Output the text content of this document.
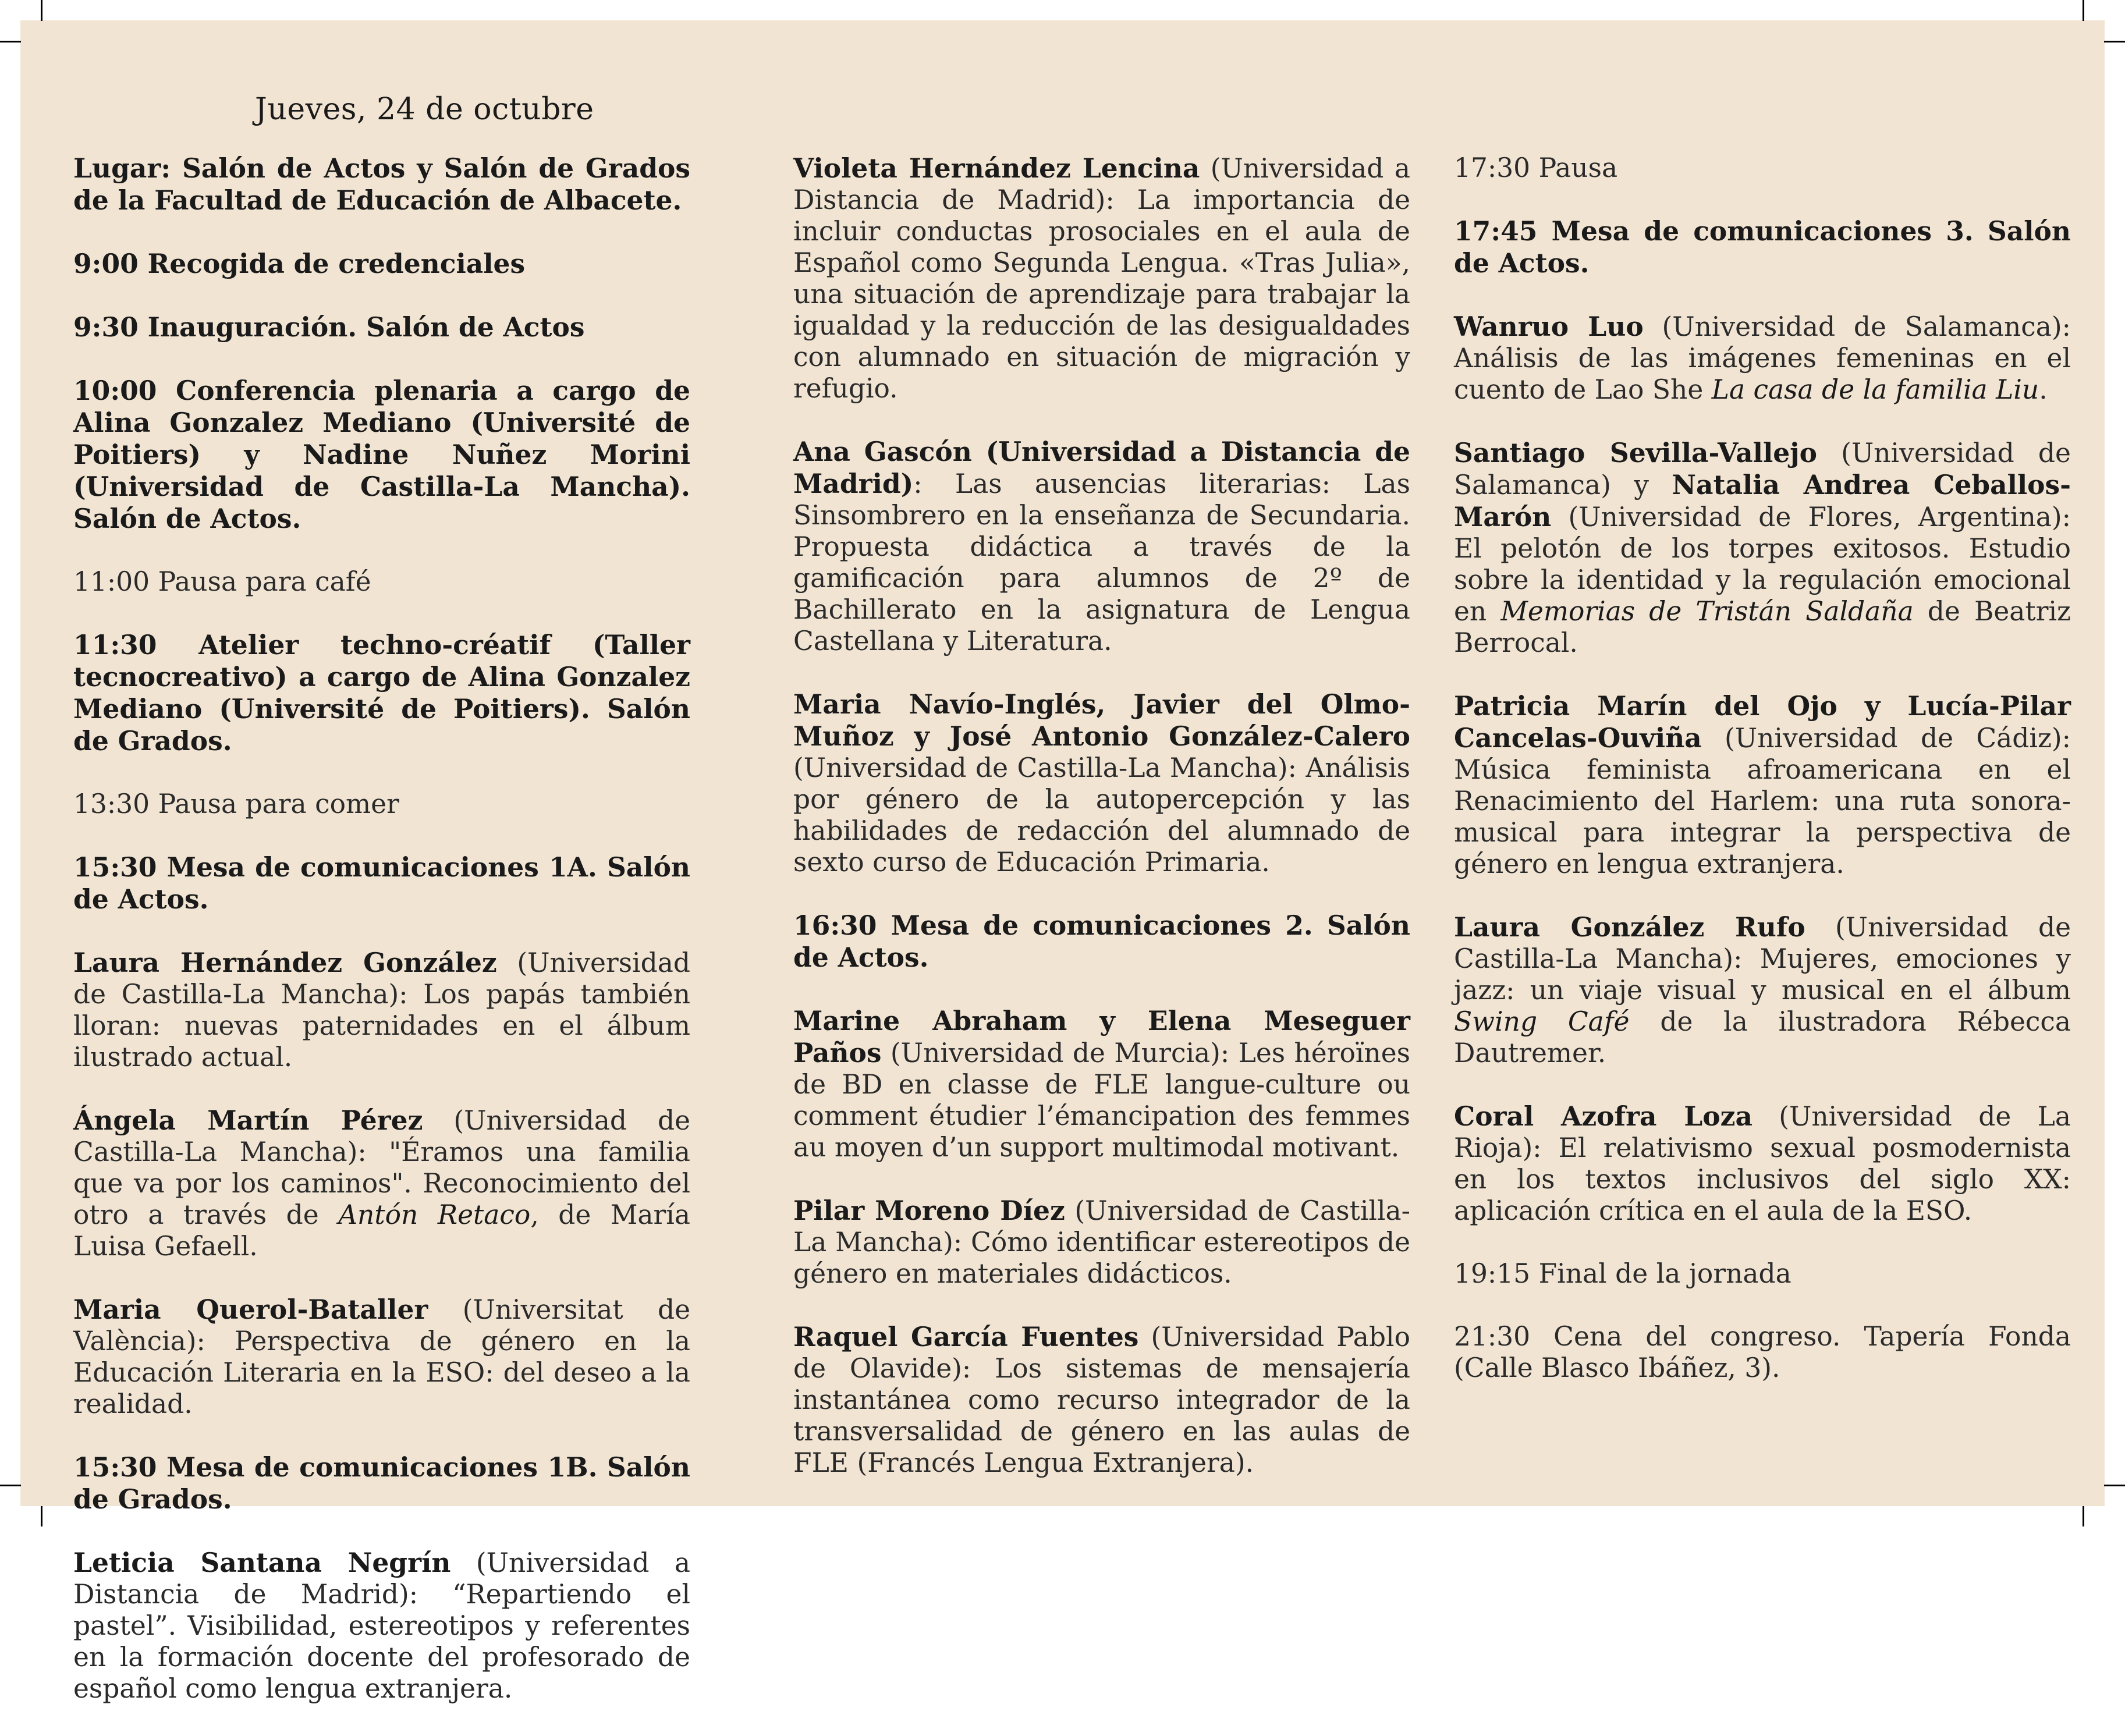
Jueves, 24 de octubre

Lugar: Salón de Actos y Salón de Grados de la Facultad de Educación de Albacete.

9:00 Recogida de credenciales

9:30 Inauguración. Salón de Actos

10:00 Conferencia plenaria a cargo de Alina Gonzalez Mediano (Université de Poitiers) y Nadine Nuñez Morini (Universidad de Castilla-La Mancha). Salón de Actos.

11:00 Pausa para café

11:30 Atelier techno-créatif (Taller tecnocreativo) a cargo de Alina Gonzalez Mediano (Université de Poitiers). Salón de Grados.

13:30 Pausa para comer

15:30 Mesa de comunicaciones 1A. Salón de Actos.

Laura Hernández González (Universidad de Castilla-La Mancha): Los papás también lloran: nuevas paternidades en el álbum ilustrado actual.

Ángela Martín Pérez (Universidad de Castilla-La Mancha): "Éramos una familia que va por los caminos". Reconocimiento del otro a través de Antón Retaco, de María Luisa Gefaell.

Maria Querol-Bataller (Universitat de València): Perspectiva de género en la Educación Literaria en la ESO: del deseo a la realidad.

15:30 Mesa de comunicaciones 1B. Salón de Grados.

Leticia Santana Negrín (Universidad a Distancia de Madrid): “Repartiendo el pastel”. Visibilidad, estereotipos y referentes en la formación docente del profesorado de español como lengua extranjera.

Violeta Hernández Lencina (Universidad a Distancia de Madrid): La importancia de incluir conductas prosociales en el aula de Español como Segunda Lengua. «Tras Julia», una situación de aprendizaje para trabajar la igualdad y la reducción de las desigualdades con alumnado en situación de migración y refugio.

Ana Gascón (Universidad a Distancia de Madrid): Las ausencias literarias: Las Sinsombrero en la enseñanza de Secundaria. Propuesta didáctica a través de la gamificación para alumnos de 2º de Bachillerato en la asignatura de Lengua Castellana y Literatura.

Maria Navío-Inglés, Javier del Olmo-Muñoz y José Antonio González-Calero (Universidad de Castilla-La Mancha): Análisis por género de la autopercepción y las habilidades de redacción del alumnado de sexto curso de Educación Primaria.

16:30 Mesa de comunicaciones 2. Salón de Actos.

Marine Abraham y Elena Meseguer Paños (Universidad de Murcia): Les héroïnes de BD en classe de FLE langue-culture ou comment étudier l’émancipation des femmes au moyen d’un support multimodal motivant.

Pilar Moreno Díez (Universidad de Castilla-La Mancha): Cómo identificar estereotipos de género en materiales didácticos.

Raquel García Fuentes (Universidad Pablo de Olavide): Los sistemas de mensajería instantánea como recurso integrador de la transversalidad de género en las aulas de FLE (Francés Lengua Extranjera).

17:30 Pausa

17:45 Mesa de comunicaciones 3. Salón de Actos.

Wanruo Luo (Universidad de Salamanca): Análisis de las imágenes femeninas en el cuento de Lao She La casa de la familia Liu.

Santiago Sevilla-Vallejo (Universidad de Salamanca) y Natalia Andrea Ceballos-Marón (Universidad de Flores, Argentina): El pelotón de los torpes exitosos. Estudio sobre la identidad y la regulación emocional en Memorias de Tristán Saldaña de Beatriz Berrocal.

Patricia Marín del Ojo y Lucía-Pilar Cancelas-Ouviña (Universidad de Cádiz): Música feminista afroamericana en el Renacimiento del Harlem: una ruta sonora-musical para integrar la perspectiva de género en lengua extranjera.

Laura González Rufo (Universidad de Castilla-La Mancha): Mujeres, emociones y jazz: un viaje visual y musical en el álbum Swing Café de la ilustradora Rébecca Dautremer.

Coral Azofra Loza (Universidad de La Rioja): El relativismo sexual posmodernista en los textos inclusivos del siglo XX: aplicación crítica en el aula de la ESO.

19:15 Final de la jornada

21:30 Cena del congreso. Tapería Fonda (Calle Blasco Ibáñez, 3).
